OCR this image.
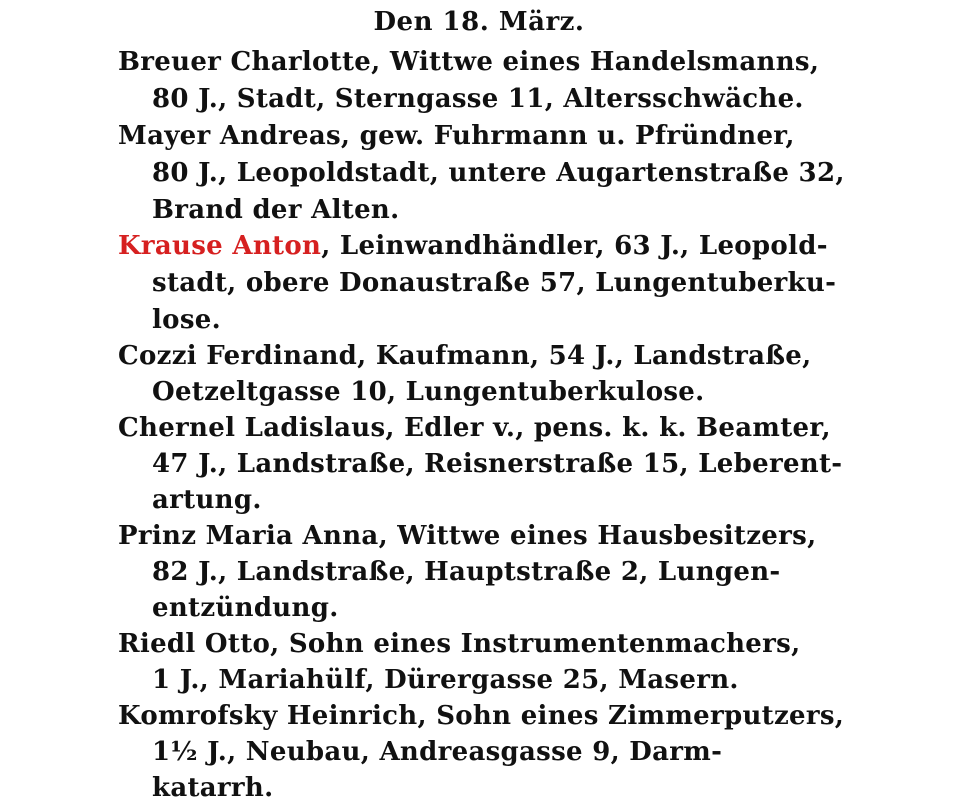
Den 18. März.
Breuer Charlotte, Wittwe eines Handelsmanns,
80 J., Stadt, Sterngasse 11, Altersschwäche.
Mayer Andreas, gew. Fuhrmann u. Pfründner,
80 J., Leopoldstadt, untere Augartenstraße 32,
Brand der Alten.
Krause Anton, Leinwandhändler, 63 J., Leopold-
stadt, obere Donaustraße 57, Lungentuberku-
lose.
Cozzi Ferdinand, Kaufmann, 54 J., Landstraße,
Oetzeltgasse 10, Lungentuberkulose.
Chernel Ladislaus, Edler v., pens. k. k. Beamter,
47 J., Landstraße, Reisnerstraße 15, Leberent-
artung.
Prinz Maria Anna, Wittwe eines Hausbesitzers,
82 J., Landstraße, Hauptstraße 2, Lungen-
entzündung.
Riedl Otto, Sohn eines Instrumentenmachers,
1 J., Mariahülf, Dürergasse 25, Masern.
Komrofsky Heinrich, Sohn eines Zimmerputzers,
1½ J., Neubau, Andreasgasse 9, Darm-
katarrh.
